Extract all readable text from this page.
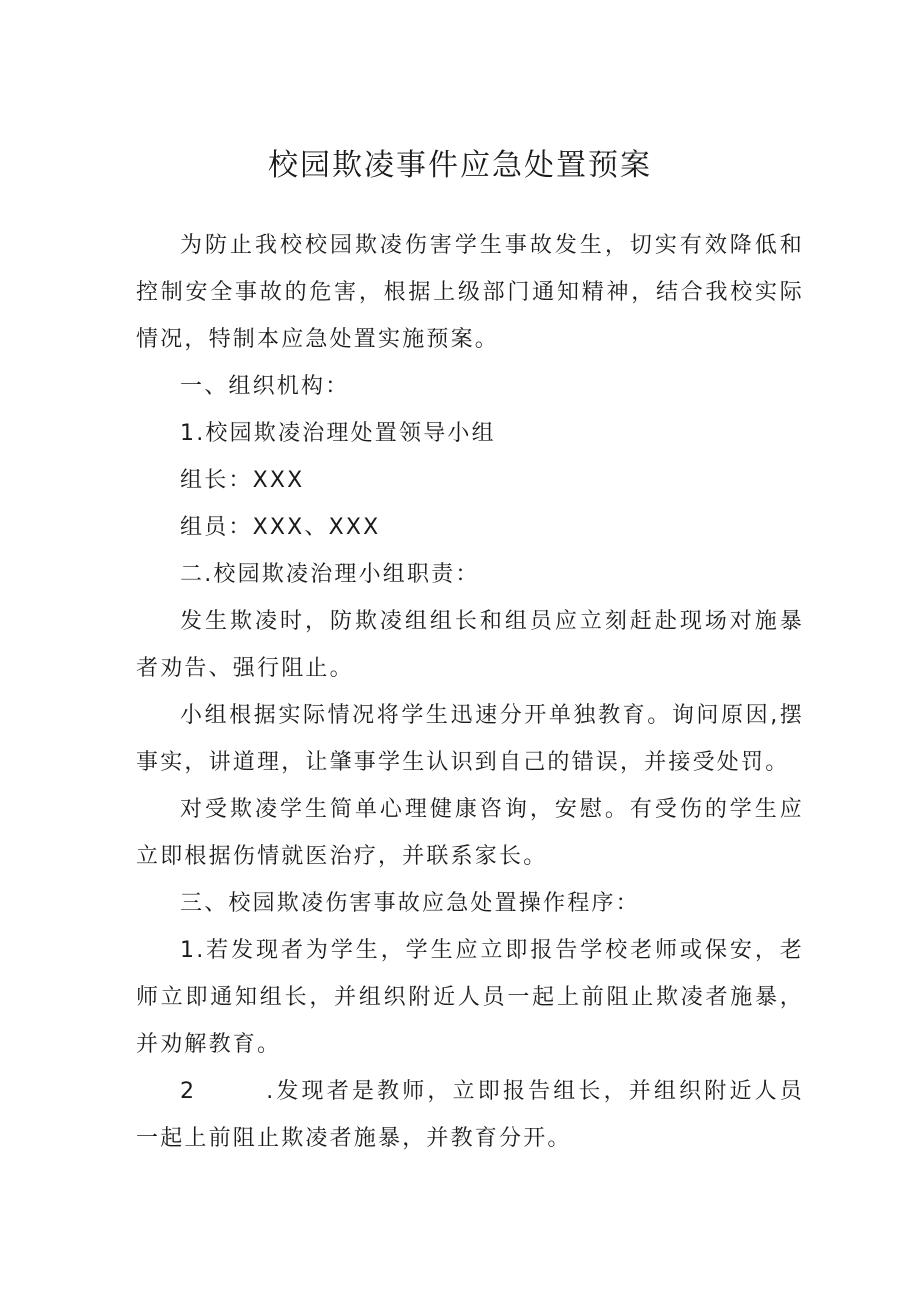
校园欺凌事件应急处置预案

为防止我校校园欺凌伤害学生事故发生，切实有效降低和控制安全事故的危害，根据上级部门通知精神，结合我校实际情况，特制本应急处置实施预案。

一、组织机构：

1.校园欺凌治理处置领导小组

组长：XXX

组员：XXX、XXX

二.校园欺凌治理小组职责：

发生欺凌时，防欺凌组组长和组员应立刻赶赴现场对施暴者劝告、强行阻止。

小组根据实际情况将学生迅速分开单独教育。询问原因,摆事实，讲道理，让肇事学生认识到自己的错误，并接受处罚。

对受欺凌学生简单心理健康咨询，安慰。有受伤的学生应立即根据伤情就医治疗，并联系家长。

三、校园欺凌伤害事故应急处置操作程序：

1.若发现者为学生，学生应立即报告学校老师或保安，老师立即通知组长，并组织附近人员一起上前阻止欺凌者施暴，并劝解教育。

2	.发现者是教师，立即报告组长，并组织附近人员一起上前阻止欺凌者施暴，并教育分开。
